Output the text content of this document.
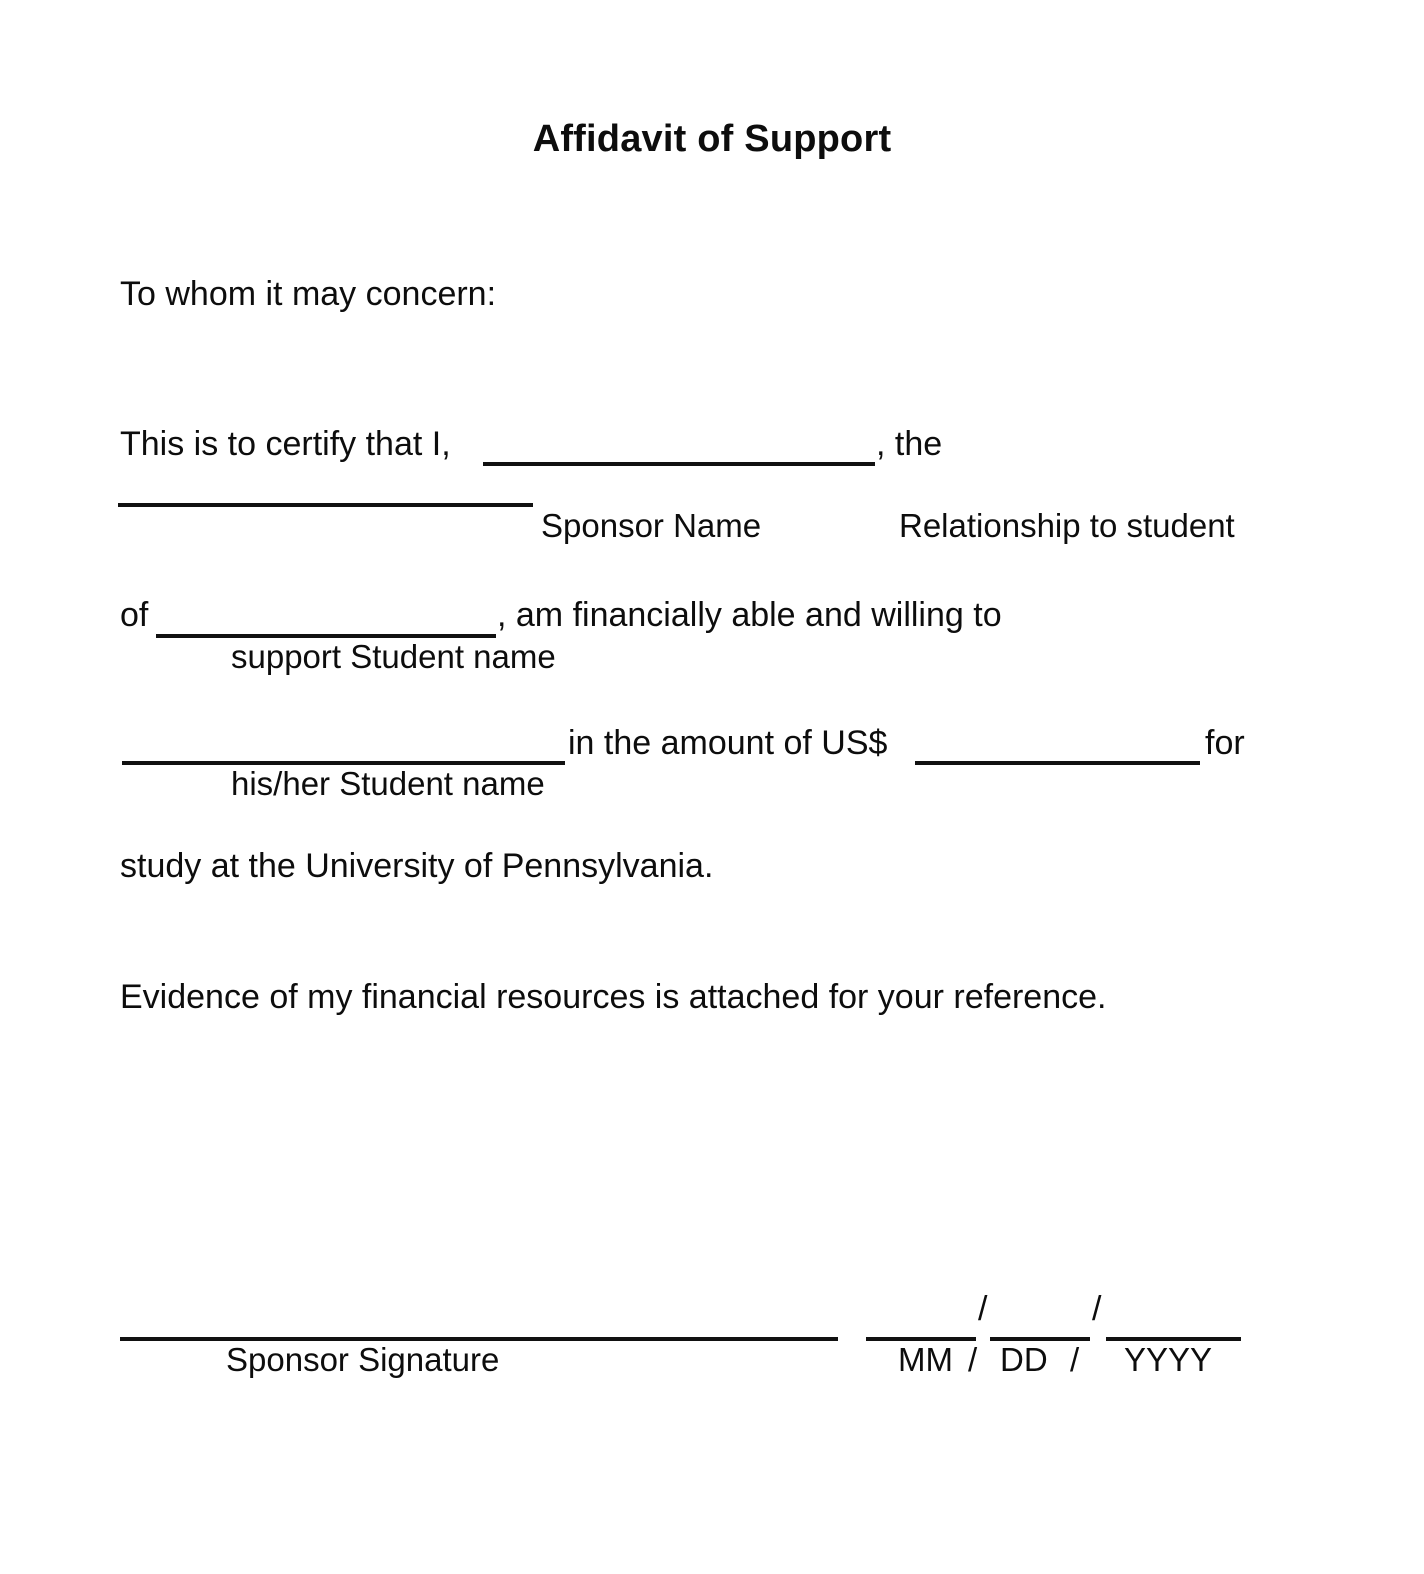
Affidavit of Support
To whom it may concern:
This is to certify that I,	, the
Sponsor Name	Relationship to student
of	, am financially able and willing to
support Student name
in the amount of US$	for
his/her Student name
study at the University of Pennsylvania.
Evidence of my financial resources is attached for your reference.
Sponsor Signature
/	/
MM / DD / YYYY
